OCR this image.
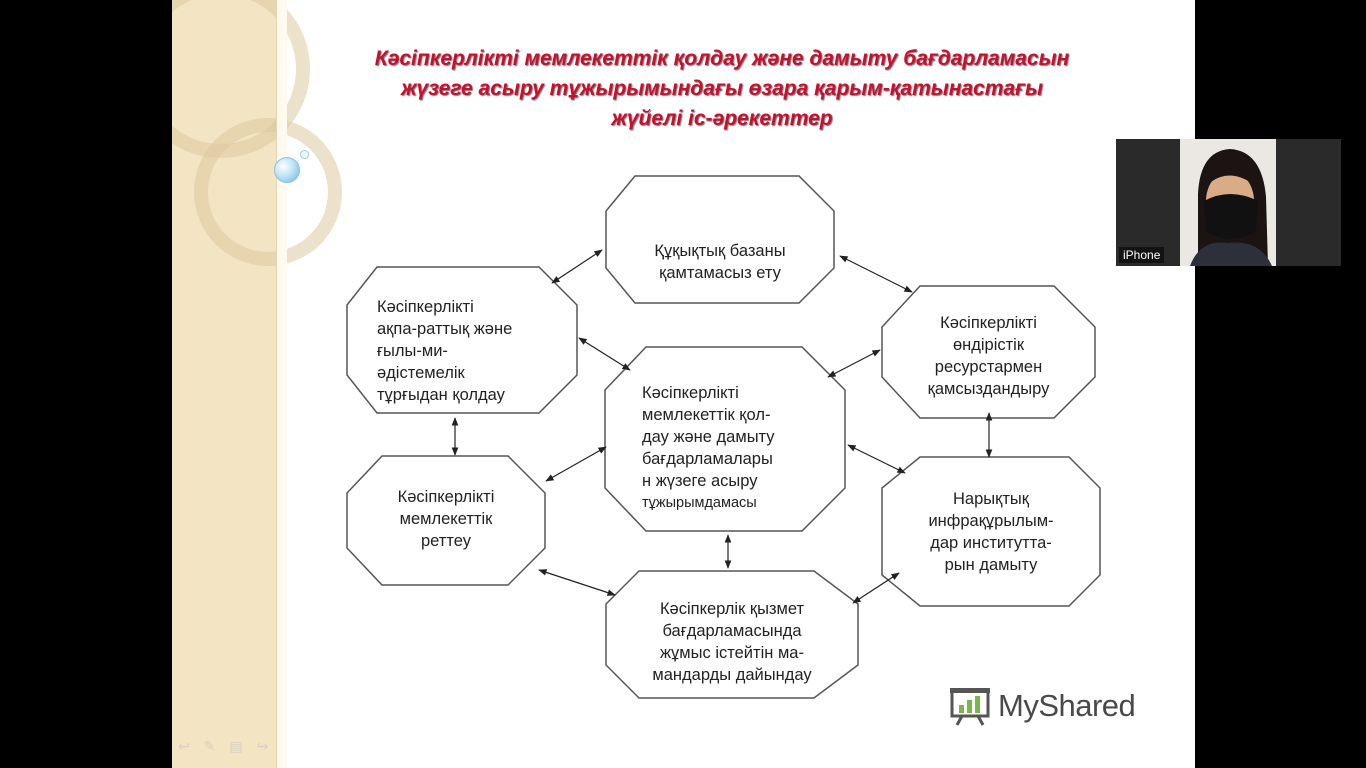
Кәсіпкерлікті мемлекеттік қолдау және дамыту бағдарламасын
жүзеге асыру тұжырымындағы өзара қарым-қатынастағы
жүйелі іс-әрекеттер
Құқықтық базаны
қамтамасыз ету
Кәсіпкерлікті
ақпа-раттық және
ғылы-ми-
әдістемелік
тұрғыдан қолдау
Кәсіпкерлікті
өндірістік
ресурстармен
қамсыздандыру
Кәсіпкерлікті
мемлекеттік қол-
дау және дамыту
бағдарламалары
н жүзеге асыру
тұжырымдамасы
Кәсіпкерлікті
мемлекеттік
реттеу
Нарықтық
инфрақұрылым-
дар институтта-
рын дамыту
Кәсіпкерлік қызмет
бағдарламасында
жұмыс істейтін ма-
мандарды дайындау
MyShared
↩ ✎ ▤ ↪
iPhone
